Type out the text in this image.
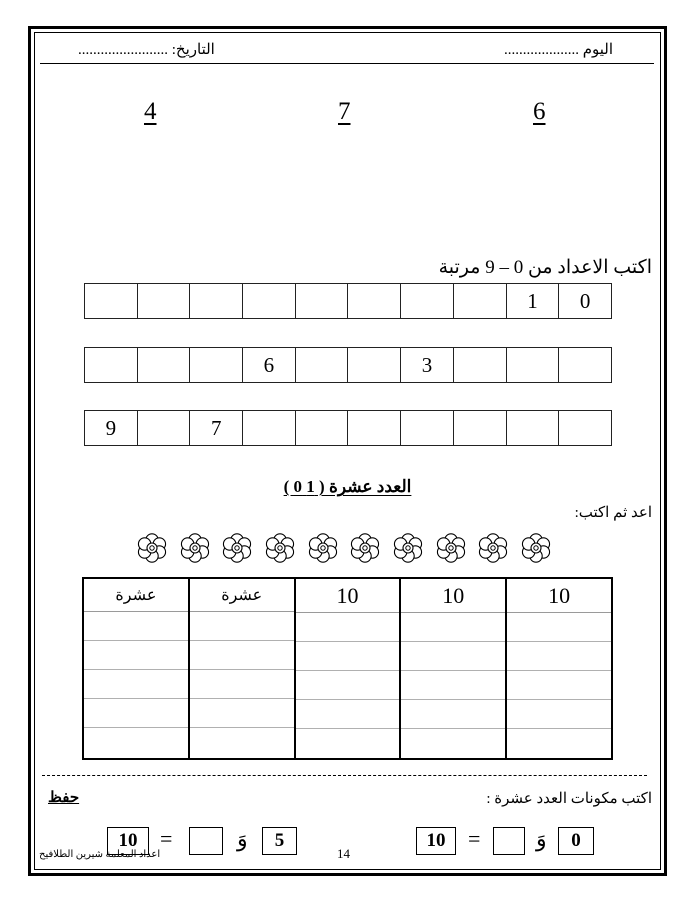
اليوم ....................
التاريخ: ........................
6
7
4
اكتب الاعداد من 0 – 9 مرتبة
0
1
3
6
7
9
العدد عشرة ( 1 0 )
اعد ثم اكتب:
10
10
10
عشرة
عشرة
اكتب مكونات العدد عشرة :
حفظ
0
وَ
=
10
5
وَ
=
10
اعداد المعلمة شيرين الطلافيح	14
